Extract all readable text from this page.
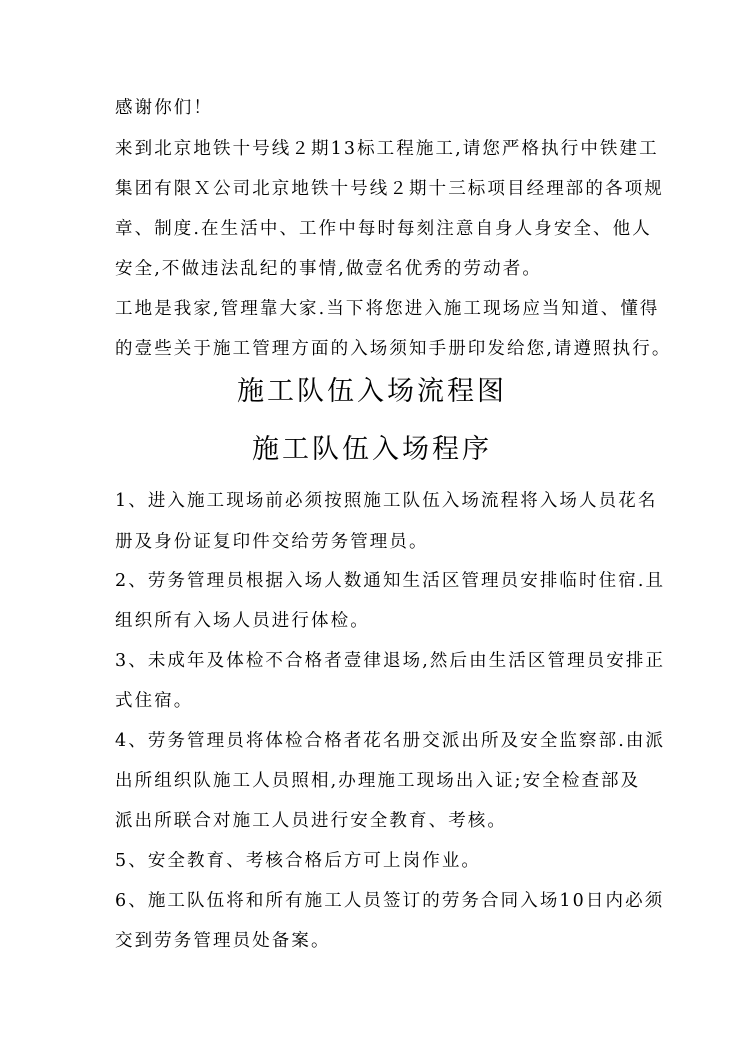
感谢你们！

来到北京地铁十号线２期13标工程施工,请您严格执行中铁建工

集团有限Ｘ公司北京地铁十号线２期十三标项目经理部的各项规

章、制度.在生活中、工作中每时每刻注意自身人身安全、他人

安全,不做违法乱纪的事情,做壹名优秀的劳动者。

工地是我家,管理靠大家.当下将您进入施工现场应当知道、懂得

的壹些关于施工管理方面的入场须知手册印发给您,请遵照执行。

施工队伍入场流程图
施工队伍入场程序

1、进入施工现场前必须按照施工队伍入场流程将入场人员花名

册及身份证复印件交给劳务管理员。

2、劳务管理员根据入场人数通知生活区管理员安排临时住宿.且

组织所有入场人员进行体检。

3、未成年及体检不合格者壹律退场,然后由生活区管理员安排正

式住宿。

4、劳务管理员将体检合格者花名册交派出所及安全监察部.由派

出所组织队施工人员照相,办理施工现场出入证;安全检查部及

派出所联合对施工人员进行安全教育、考核。

5、安全教育、考核合格后方可上岗作业。

6、施工队伍将和所有施工人员签订的劳务合同入场10日内必须

交到劳务管理员处备案。
